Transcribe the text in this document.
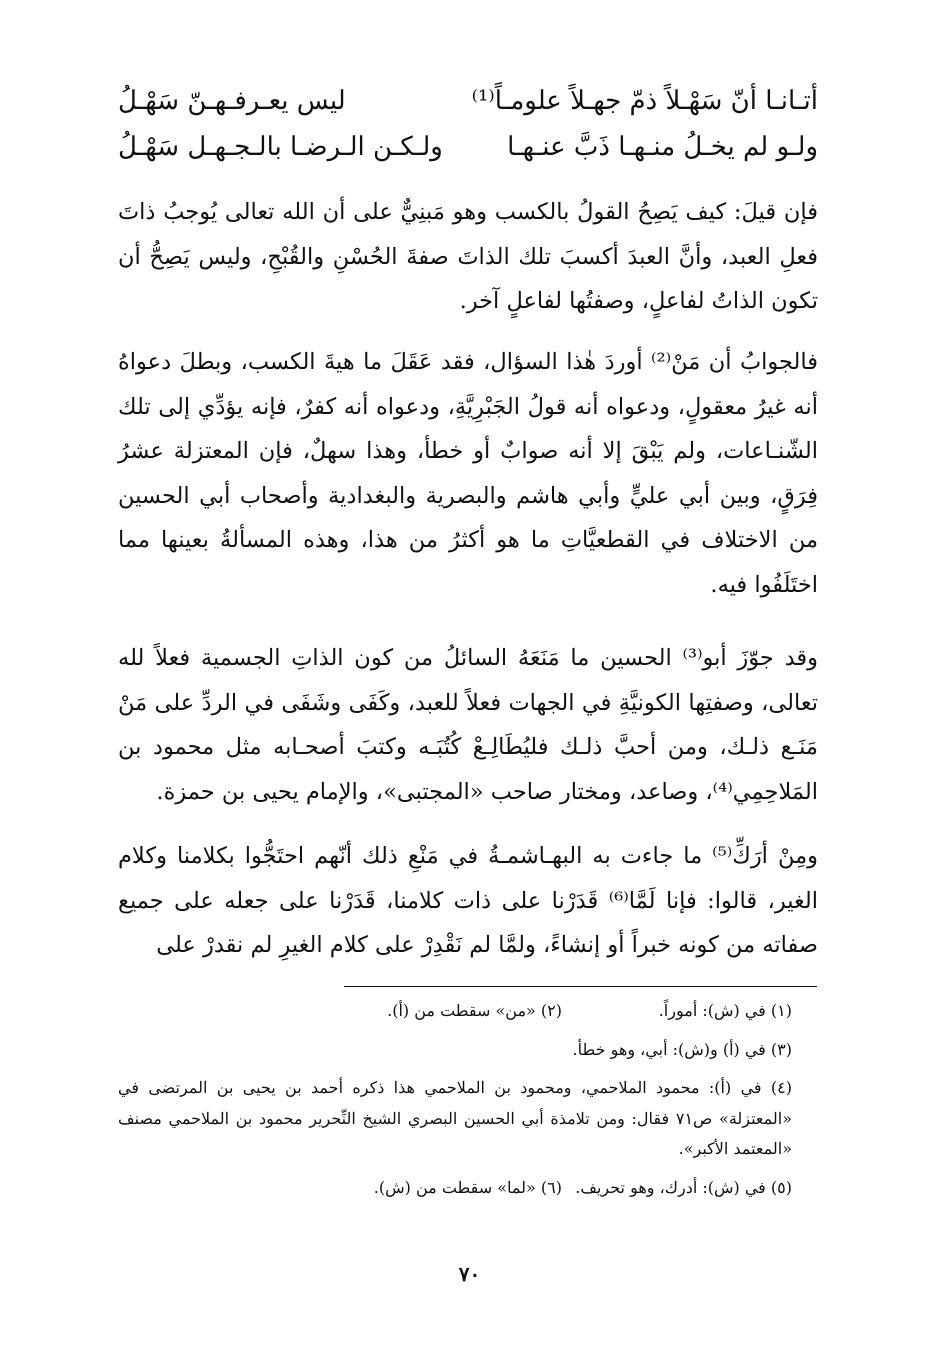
أتـانـا أنّ سَهْـلاً ذمّ جهـلاً علومـاً⁽¹⁾
ليس يعـرفـهـنّ سَهْـلُ
ولـو لم يخـلُ منـهـا ذَبَّ عنـهـا
ولـكـن الـرضـا بالـجـهـل سَهْـلُ

فإن قيلَ: كيف يَصِحُ القولُ بالكسب وهو مَبنِيٌّ على أن الله تعالى يُوجبُ ذاتَ فعلِ العبد، وأنَّ العبدَ أكسبَ تلك الذاتَ صفةَ الحُسْنِ والقُبْحِ، وليس يَصِحُّ أن تكون الذاتُ لفاعلٍ، وصفتُها لفاعلٍ آخر.

فالجوابُ أن مَنْ⁽²⁾ أوردَ هٰذا السؤال، فقد عَقَلَ ما هيةَ الكسب، وبطلَ دعواهُ أنه غيرُ معقولٍ، ودعواه أنه قولُ الجَبْرِيَّةِ، ودعواه أنه كفرٌ، فإنه يؤدِّي إلى تلك الشّنـاعات، ولم يَبْقَ إلا أنه صوابٌ أو خطأ، وهذا سهلٌ، فإن المعتزلة عشرُ فِرَقٍ، وبين أبي عليٍّ وأبي هاشم والبصرية والبغدادية وأصحاب أبي الحسين من الاختلاف في القطعيَّاتِ ما هو أكثرُ من هذا، وهذه المسألةُ بعينها مما اختَلَفُوا فيه.

وقد جوّزَ أبو⁽³⁾ الحسين ما مَنَعَهُ السائلُ من كون الذاتِ الجسمية فعلاً لله تعالى، وصفتِها الكونيَّةِ في الجهات فعلاً للعبد، وكَفَى وشَفَى في الردِّ على مَنْ مَنَـع ذلـك، ومن أحبَّ ذلـك فليُطَالِـعْ كُتُبَـه وكتبَ أصحـابه مثل محمود بن المَلاحِمِي⁽⁴⁾، وصاعد، ومختار صاحب «المجتبى»، والإمام يحيى بن حمزة.

ومِنْ أرَكِّ⁽⁵⁾ ما جاءت به البهـاشمـةُ في مَنْعِ ذلك أنّهم احتَجُّوا بكلامنا وكلام الغير، قالوا: فإنا لَمَّا⁽⁶⁾ قَدَرْنا على ذات كلامنا، قَدَرْنا على جعله على جميع صفاته من كونه خبراً أو إنشاءً، ولمَّا لم نَقْدِرْ على كلام الغيرِ لم نقدرْ على

(١) في (ش): أموراً.

(٢) «من» سقطت من (أ).

(٣) في (أ) و(ش): أبي، وهو خطأ.

(٤) في (أ): محمود الملاحمي، ومحمود بن الملاحمي هذا ذكره أحمد بن يحيى بن المرتضى في «المعتزلة» ص٧١ فقال: ومن تلامذة أبي الحسين البصري الشيخ النِّحرير محمود بن الملاحمي مصنف «المعتمد الأكبر».

(٥) في (ش): أدرك، وهو تحريف.

(٦) «لما» سقطت من (ش).

٧٠
